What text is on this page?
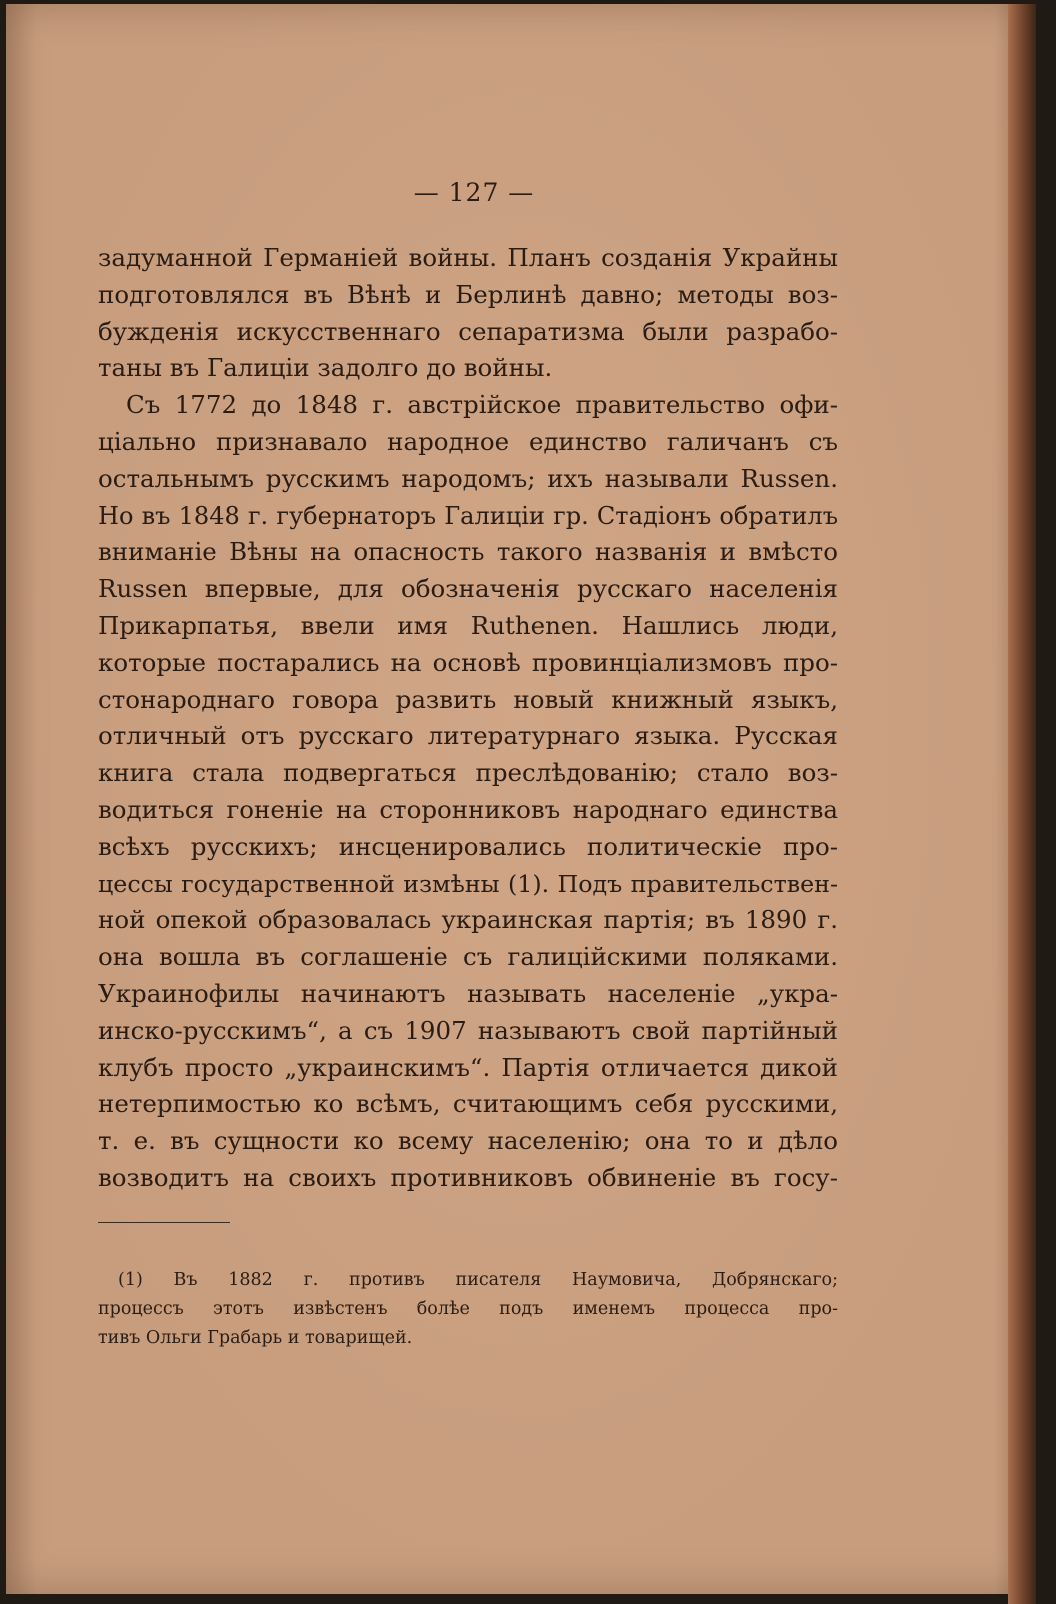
— 127 —
задуманной Германіей войны. Планъ созданія Украйны
подготовлялся въ Вѣнѣ и Берлинѣ давно; методы воз-
бужденія искусственнаго сепаратизма были разрабо-
таны въ Галиціи задолго до войны.
Съ 1772 до 1848 г. австрійское правительство офи-
ціально признавало народное единство галичанъ съ
остальнымъ русскимъ народомъ; ихъ называли Russen.
Но въ 1848 г. губернаторъ Галиціи гр. Стадіонъ обратилъ
вниманіе Вѣны на опасность такого названія и вмѣсто
Russen впервые, для обозначенія русскаго населенія
Прикарпатья, ввели имя Ruthenen. Нашлись люди,
которые постарались на основѣ провинціализмовъ про-
стонароднаго говора развить новый книжный языкъ,
отличный отъ русскаго литературнаго языка. Русская
книга стала подвергаться преслѣдованію; стало воз-
водиться гоненіе на сторонниковъ народнаго единства
всѣхъ русскихъ; инсценировались политическіе про-
цессы государственной измѣны (1). Подъ правительствен-
ной опекой образовалась украинская партія; въ 1890 г.
она вошла въ соглашеніе съ галиційскими поляками.
Украинофилы начинаютъ называть населеніе „укра-
инско-русскимъ“, а съ 1907 называютъ свой партійный
клубъ просто „украинскимъ“. Партія отличается дикой
нетерпимостью ко всѣмъ, считающимъ себя русскими,
т. е. въ сущности ко всему населенію; она то и дѣло
возводитъ на своихъ противниковъ обвиненіе въ госу-
(1) Въ 1882 г. противъ писателя Наумовича, Добрянскаго;
процессъ этотъ извѣстенъ болѣе подъ именемъ процесса про-
тивъ Ольги Грабарь и товарищей.
